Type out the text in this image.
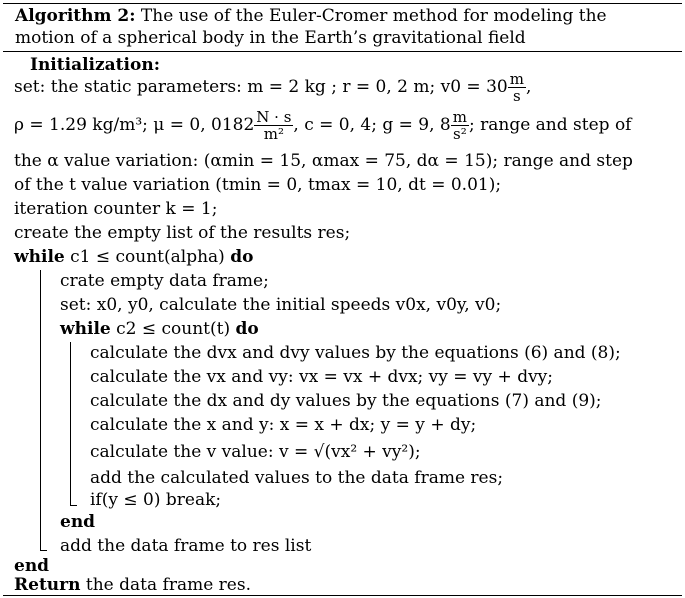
Algorithm 2: The use of the Euler-Cromer method for modeling the
motion of a spherical body in the Earth’s gravitational field
Initialization:
set: the static parameters: m = 2 kg ; r = 0, 2 m; $v0 = 30 \frac{m}{s}$ ,
ρ = 1.29 kg/m³; μ = 0, $0182 \frac{N \cdot s}{\text{m²}}$ , c = 0, 4; g = 9, $8 \frac{m}{\text{s²}}$ ; range and step of
the α value variation: (αmin = 15, αmax = 75, dα = 15); range and step
of the t value variation (tmin = 0, tmax = 10, dt = 0.01);
iteration counter k = 1;
create the empty list of the results res;
while c1 ≤ count(alpha) do
crate empty data frame;
set: x0, y0, calculate the initial speeds v0x, v0y, v0;
while c2 ≤ count(t) do
calculate the dvx and dvy values by the equations (6) and (8);
calculate the vx and vy: vx = vx + dvx; vy = vy + dvy;
calculate the dx and dy values by the equations (7) and (9);
calculate the x and y: x = x + dx; y = y + dy;
calculate the v value: v = √(vx² + vy²);
add the calculated values to the data frame res;
if(y ≤ 0) break;
end
add the data frame to res list
end
Return the data frame res.
